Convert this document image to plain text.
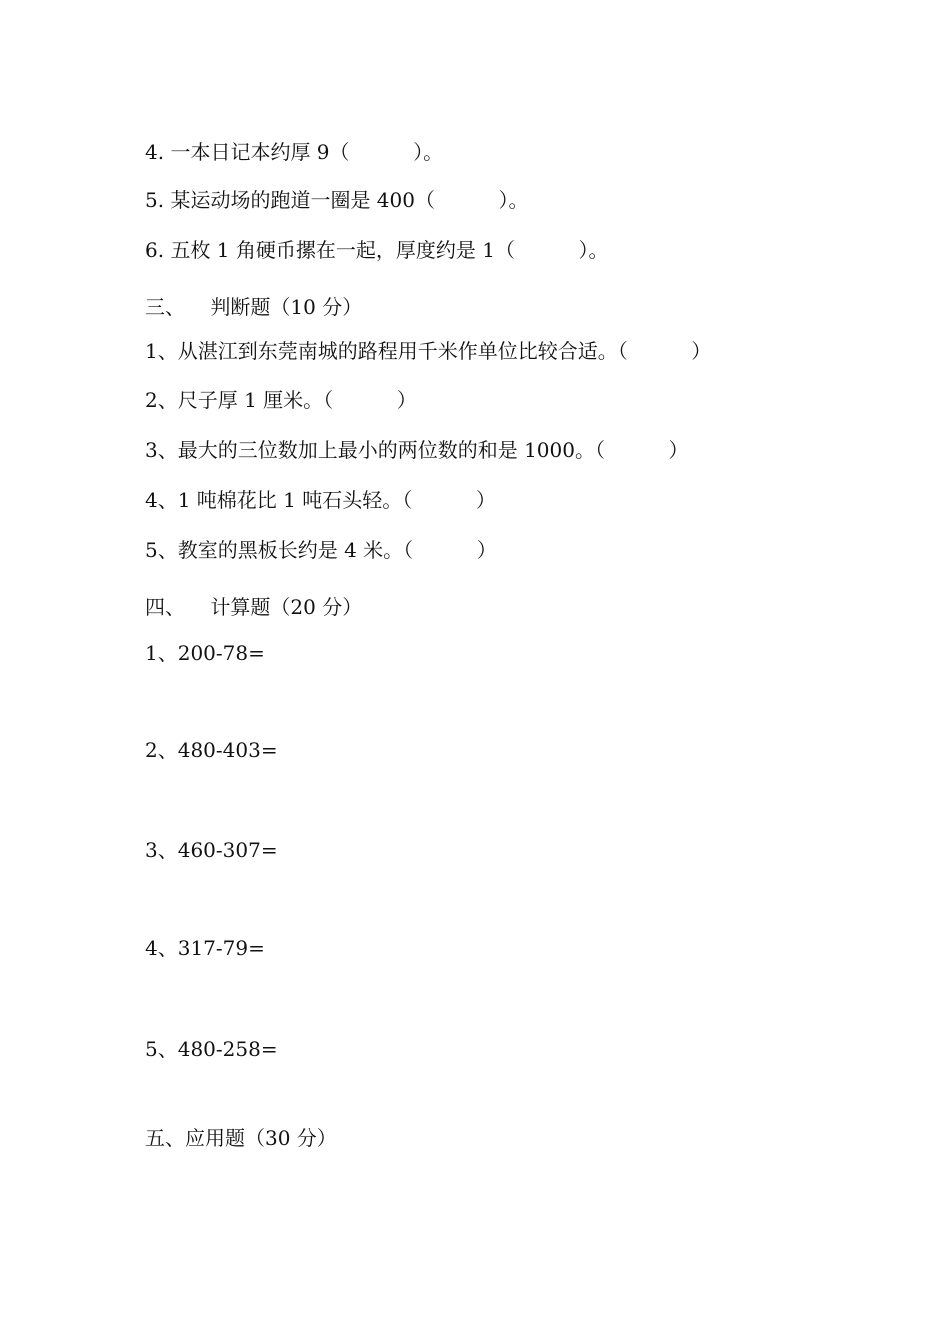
4. 一本日记本约厚 9（          ）。
5. 某运动场的跑道一圈是 400（          ）。
6. 五枚 1 角硬币摞在一起，厚度约是 1（          ）。
三、    判断题（10 分）
1、从湛江到东莞南城的路程用千米作单位比较合适。（          ）
2、尺子厚 1 厘米。（          ）
3、最大的三位数加上最小的两位数的和是 1000。（          ）
4、1 吨棉花比 1 吨石头轻。（          ）
5、教室的黑板长约是 4 米。（          ）
四、    计算题（20 分）
1、200-78=
2、480-403=
3、460-307=
4、317-79=
5、480-258=
五、应用题（30 分）
